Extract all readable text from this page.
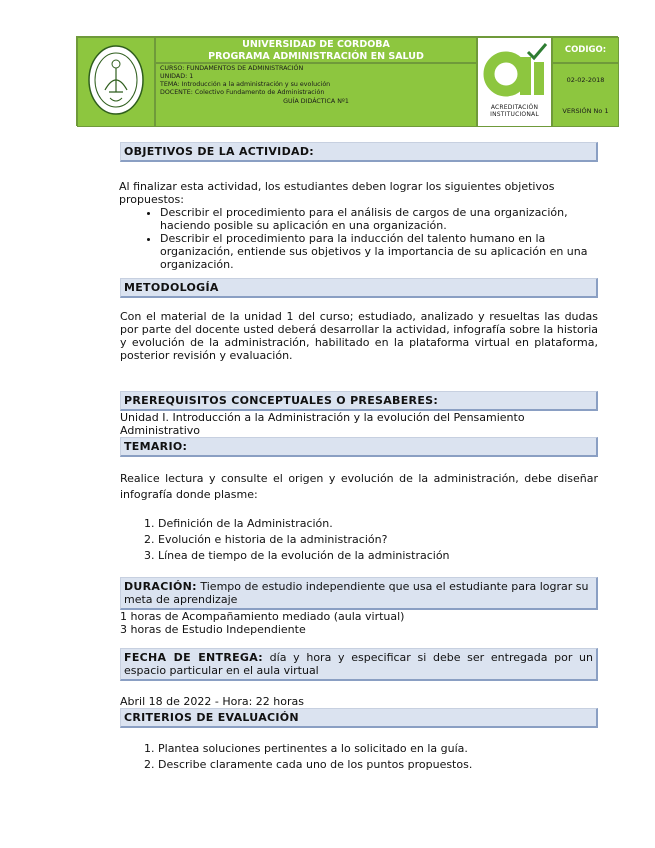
UNIVERSIDAD DE CORDOBA
PROGRAMA ADMINISTRACIÓN EN SALUD
CURSO: FUNDAMENTOS DE ADMINISTRACIÓN
UNIDAD: 1
TEMA: Introducción a la administración y su evolución
DOCENTE: Colectivo Fundamento de Administración
GUÍA DIDÁCTICA Nº1
ACREDITACIÓN
INSTITUCIONAL
CODIGO:
02-02-2018
VERSIÓN No 1
OBJETIVOS DE LA ACTIVIDAD:

Al finalizar esta actividad, los estudiantes deben lograr los siguientes objetivos propuestos:

• Describir el procedimiento para el análisis de cargos de una organización, haciendo posible su aplicación en una organización.
• Describir el procedimiento para la inducción del talento humano en la organización, entiende sus objetivos y la importancia de su aplicación en una organización.
METODOLOGÍA

Con el material de la unidad 1 del curso; estudiado, analizado y resueltas las dudas por parte del docente usted deberá desarrollar la actividad, infografía sobre la historia y evolución de la administración, habilitado en la plataforma virtual en plataforma, posterior revisión y evaluación.

PREREQUISITOS CONCEPTUALES O PRESABERES:

Unidad I. Introducción a la Administración y la evolución del Pensamiento Administrativo

TEMARIO:

Realice lectura y consulte el origen y evolución de la administración, debe diseñar infografía donde plasme:

1. Definición de la Administración.
2. Evolución e historia de la administración?
3. Línea de tiempo de la evolución de la administración
DURACIÓN: Tiempo de estudio independiente que usa el estudiante para lograr su meta de aprendizaje

1 horas de Acompañamiento mediado (aula virtual)

3 horas de Estudio Independiente

FECHA DE ENTREGA: día y hora y especificar si debe ser entregada por un espacio particular en el aula virtual

Abril 18 de 2022 - Hora: 22 horas

CRITERIOS DE EVALUACIÓN
1. Plantea soluciones pertinentes a lo solicitado en la guía.
2. Describe claramente cada uno de los puntos propuestos.
